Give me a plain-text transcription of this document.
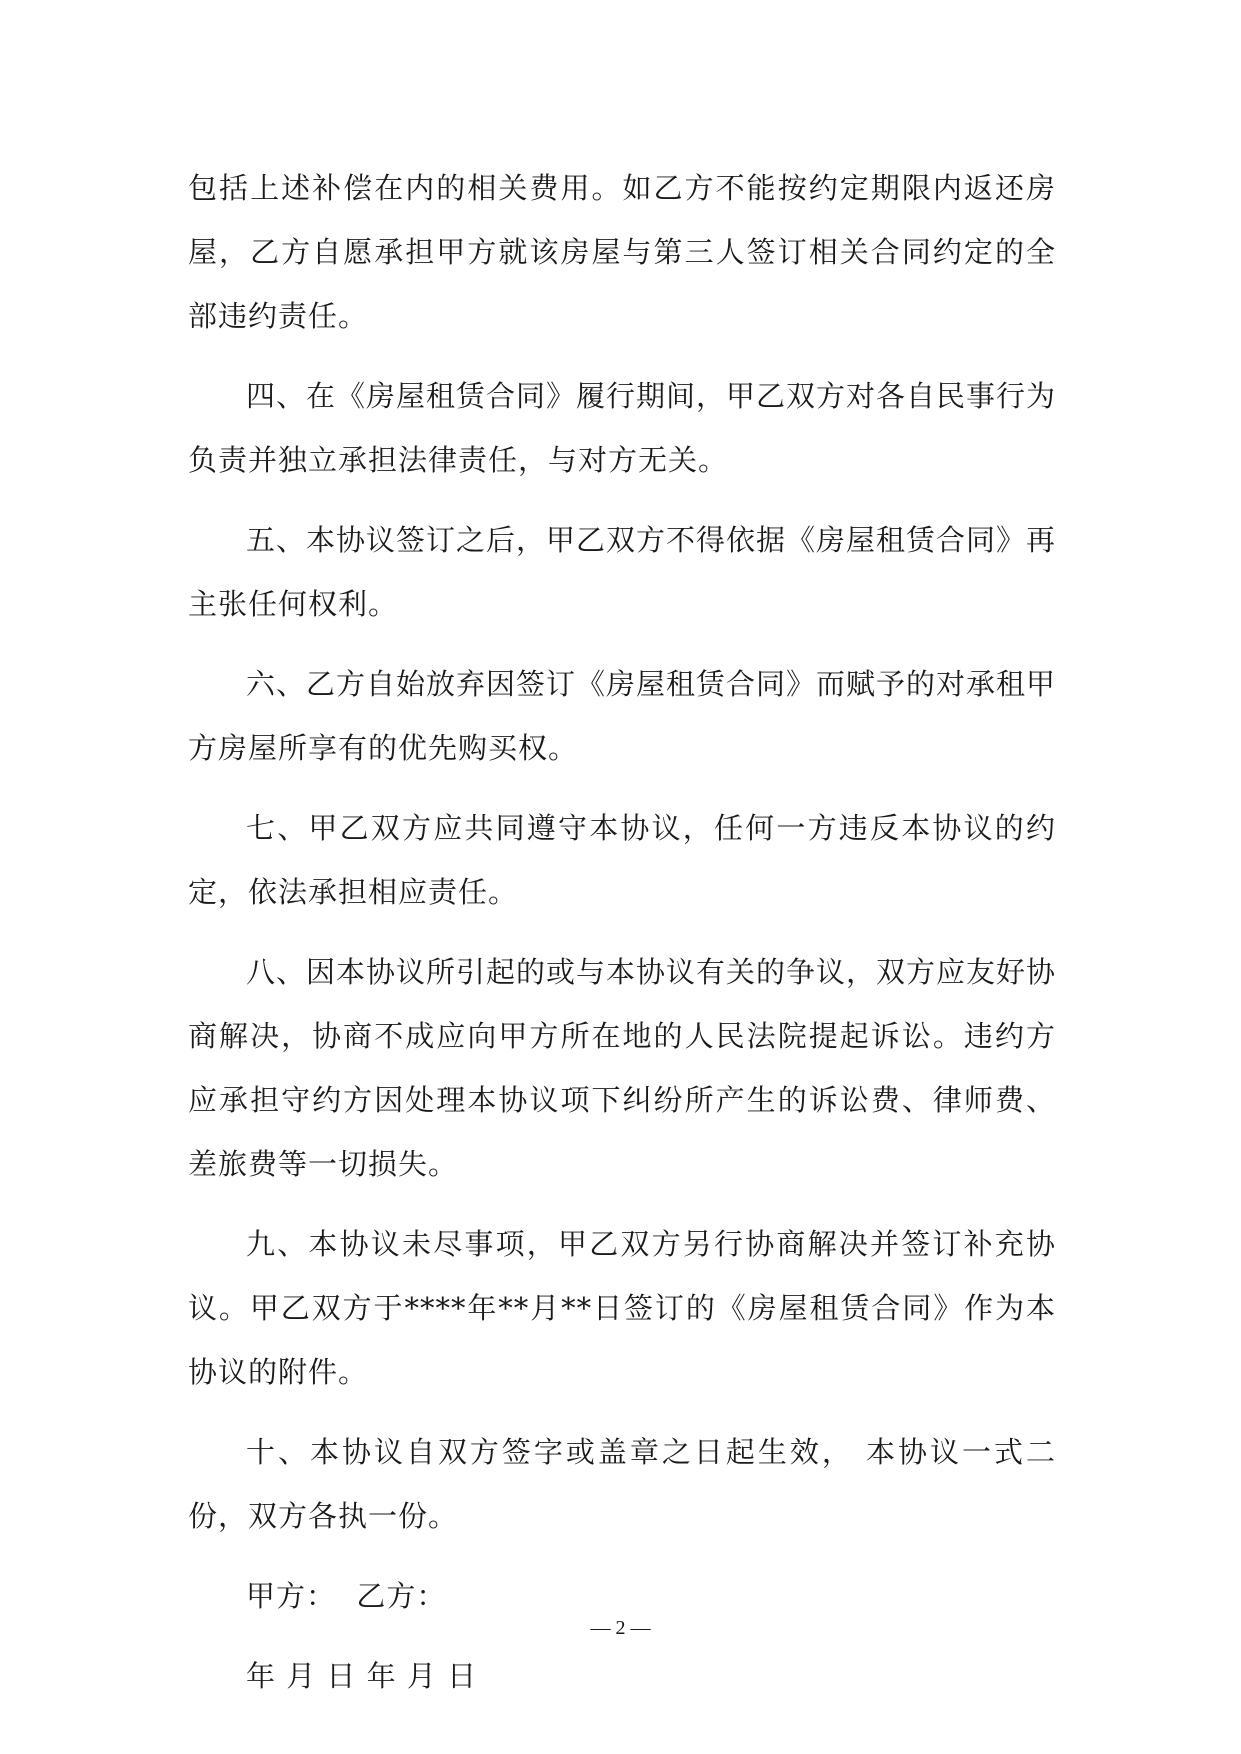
包括上述补偿在内的相关费用。如乙方不能按约定期限内返还房屋，乙方自愿承担甲方就该房屋与第三人签订相关合同约定的全部违约责任。

四、在《房屋租赁合同》履行期间，甲乙双方对各自民事行为负责并独立承担法律责任，与对方无关。

五、本协议签订之后，甲乙双方不得依据《房屋租赁合同》再主张任何权利。

六、乙方自始放弃因签订《房屋租赁合同》而赋予的对承租甲方房屋所享有的优先购买权。

七、甲乙双方应共同遵守本协议，任何一方违反本协议的约定，依法承担相应责任。

八、因本协议所引起的或与本协议有关的争议，双方应友好协商解决，协商不成应向甲方所在地的人民法院提起诉讼。违约方应承担守约方因处理本协议项下纠纷所产生的诉讼费、律师费、差旅费等一切损失。

九、本协议未尽事项，甲乙双方另行协商解决并签订补充协议。甲乙双方于****年**月**日签订的《房屋租赁合同》作为本协议的附件。

十、本协议自双方签字或盖章之日起生效， 本协议一式二份，双方各执一份。

甲方：  乙方：

年 月 日 年 月 日

— 2 —
